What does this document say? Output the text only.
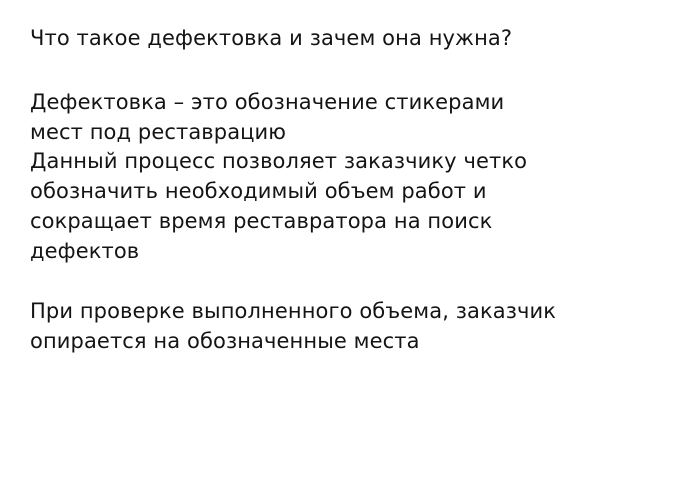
Что такое дефектовка и зачем она нужна?

Дефектовка – это обозначение стикерами

мест под реставрацию

Данный процесс позволяет заказчику четко

обозначить необходимый объем работ и

сокращает время реставратора на поиск

дефектов

При проверке выполненного объема, заказчик

опирается на обозначенные места
